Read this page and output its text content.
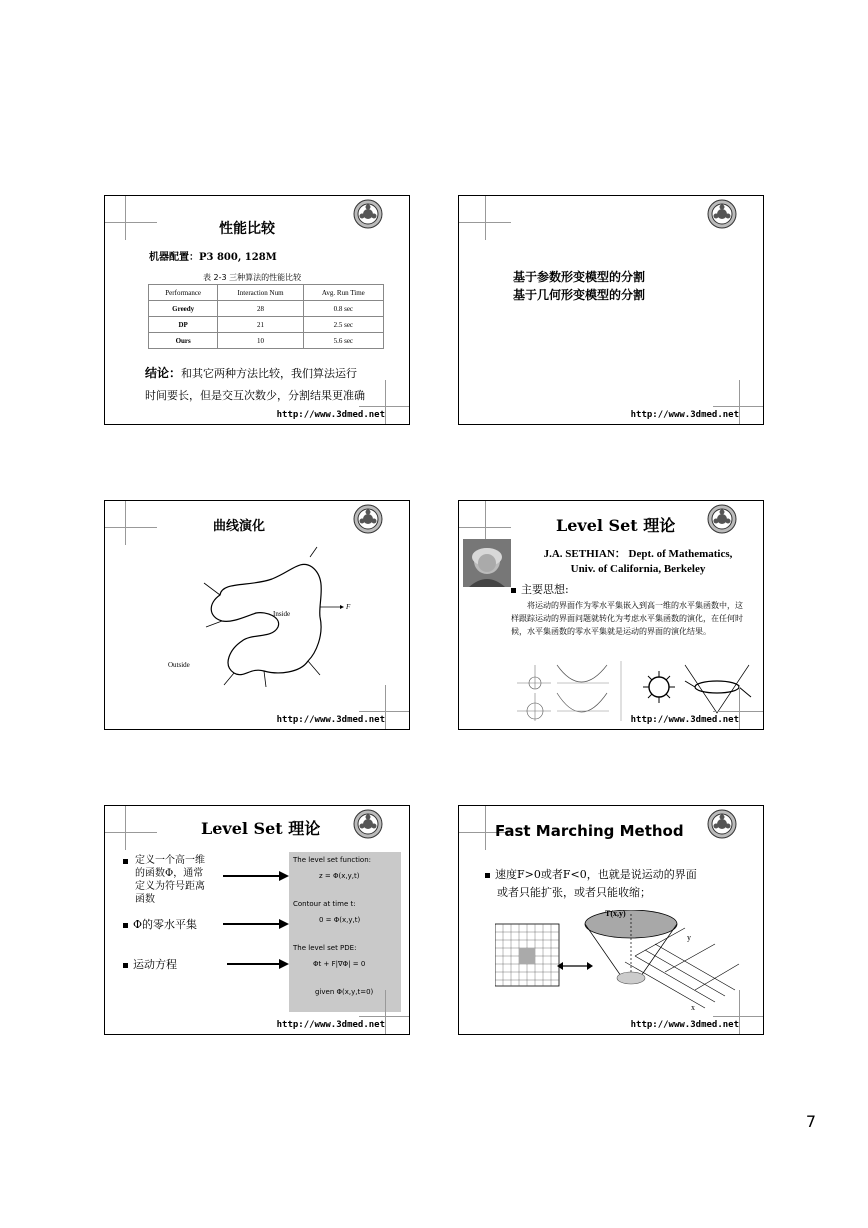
性能比较
机器配置：P3 800, 128M
表 2-3 三种算法的性能比较
Performance	Interaction Num	Avg. Run Time
Greedy	28	0.8 sec
DP	21	2.5 sec
Ours	10	5.6 sec
结论：和其它两种方法比较，我们算法运行
时间要长，但是交互次数少，分割结果更准确
http://www.3dmed.net
基于参数形变模型的分割
基于几何形变模型的分割
http://www.3dmed.net
曲线演化
Inside
Outside
F
http://www.3dmed.net
Level Set 理论
J.A. SETHIAN： Dept. of Mathematics,
Univ. of California, Berkeley
主要思想:
将运动的界面作为零水平集嵌入到高一维的水平集函数中，这样跟踪运动的界面问题就转化为考虑水平集函数的演化，在任何时候，水平集函数的零水平集就是运动的界面的演化结果。
http://www.3dmed.net
Level Set 理论
定义一个高一维
的函数Φ，通常
定义为符号距离
函数
Φ的零水平集
运动方程
The level set function:
z = Φ(x,y,t)
Contour at time t:
0 = Φ(x,y,t)
The level set PDE:
Φt + F|∇Φ| = 0
given Φ(x,y,t=0)
http://www.3dmed.net
Fast Marching Method
速度F>0或者F<0，也就是说运动的界面
或者只能扩张，或者只能收缩；
T(x,y)
y
x
http://www.3dmed.net
7
